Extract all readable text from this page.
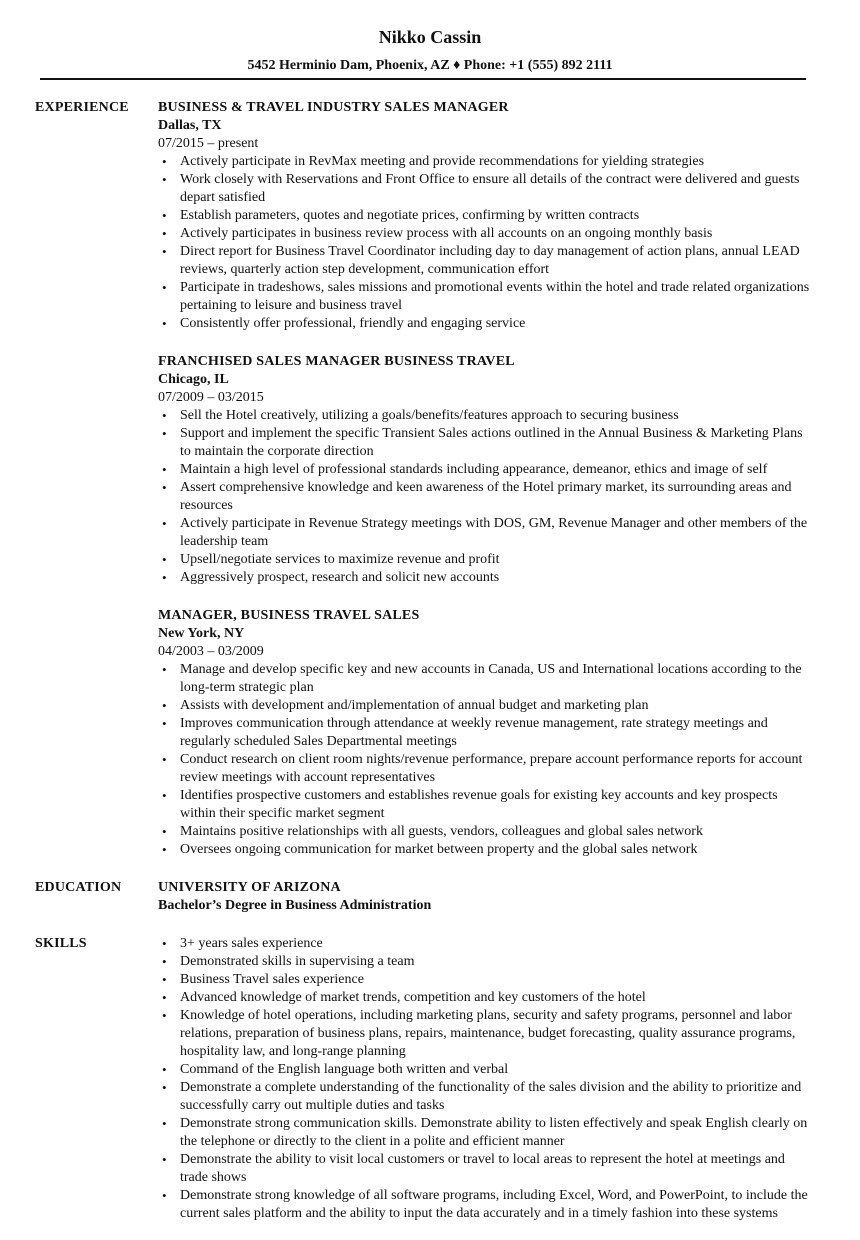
Nikko Cassin
5452 Herminio Dam, Phoenix, AZ ♦ Phone: +1 (555) 892 2111
EXPERIENCE BUSINESS & TRAVEL INDUSTRY SALES MANAGER
Dallas, TX
07/2015 – present
• Actively participate in RevMax meeting and provide recommendations for yielding strategies
• Work closely with Reservations and Front Office to ensure all details of the contract were delivered and guests depart satisfied
• Establish parameters, quotes and negotiate prices, confirming by written contracts
• Actively participates in business review process with all accounts on an ongoing monthly basis
• Direct report for Business Travel Coordinator including day to day management of action plans, annual LEAD reviews, quarterly action step development, communication effort
• Participate in tradeshows, sales missions and promotional events within the hotel and trade related organizations pertaining to leisure and business travel
• Consistently offer professional, friendly and engaging service
FRANCHISED SALES MANAGER BUSINESS TRAVEL
Chicago, IL
07/2009 – 03/2015
• Sell the Hotel creatively, utilizing a goals/benefits/features approach to securing business
• Support and implement the specific Transient Sales actions outlined in the Annual Business & Marketing Plans to maintain the corporate direction
• Maintain a high level of professional standards including appearance, demeanor, ethics and image of self
• Assert comprehensive knowledge and keen awareness of the Hotel primary market, its surrounding areas and resources
• Actively participate in Revenue Strategy meetings with DOS, GM, Revenue Manager and other members of the leadership team
• Upsell/negotiate services to maximize revenue and profit
• Aggressively prospect, research and solicit new accounts
MANAGER, BUSINESS TRAVEL SALES
New York, NY
04/2003 – 03/2009
• Manage and develop specific key and new accounts in Canada, US and International locations according to the long-term strategic plan
• Assists with development and/implementation of annual budget and marketing plan
• Improves communication through attendance at weekly revenue management, rate strategy meetings and regularly scheduled Sales Departmental meetings
• Conduct research on client room nights/revenue performance, prepare account performance reports for account review meetings with account representatives
• Identifies prospective customers and establishes revenue goals for existing key accounts and key prospects within their specific market segment
• Maintains positive relationships with all guests, vendors, colleagues and global sales network
• Oversees ongoing communication for market between property and the global sales network
EDUCATION	UNIVERSITY OF ARIZONA
Bachelor’s Degree in Business Administration
SKILLS
•	3+ years sales experience
• Demonstrated skills in supervising a team
• Business Travel sales experience
• Advanced knowledge of market trends, competition and key customers of the hotel
• Knowledge of hotel operations, including marketing plans, security and safety programs, personnel and labor relations, preparation of business plans, repairs, maintenance, budget forecasting, quality assurance programs, hospitality law, and long-range planning
• Command of the English language both written and verbal
• Demonstrate a complete understanding of the functionality of the sales division and the ability to prioritize and successfully carry out multiple duties and tasks
• Demonstrate strong communication skills. Demonstrate ability to listen effectively and speak English clearly on the telephone or directly to the client in a polite and efficient manner
• Demonstrate the ability to visit local customers or travel to local areas to represent the hotel at meetings and trade shows
• Demonstrate strong knowledge of all software programs, including Excel, Word, and PowerPoint, to include the current sales platform and the ability to input the data accurately and in a timely fashion into these systems
